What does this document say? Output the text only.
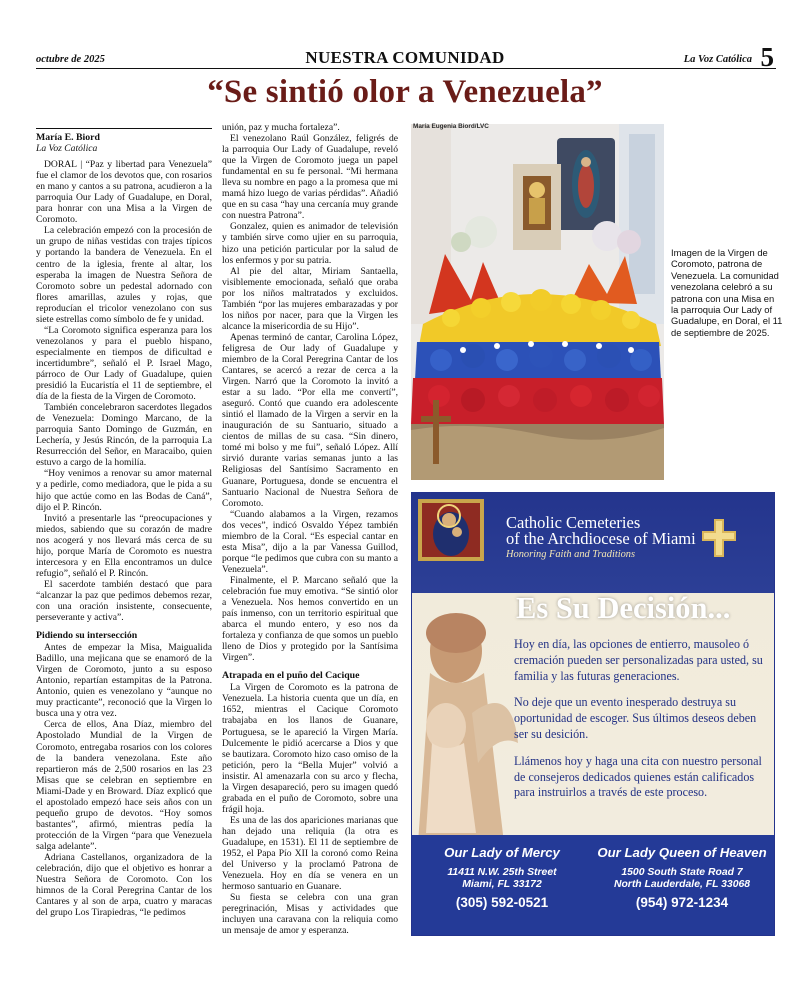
octubre de 2025	NUESTRA COMUNIDAD	La Voz Católica 5
“Se sintió olor a Venezuela”
María E. Biord
La Voz Católica

DORAL | “Paz y libertad para Venezuela” fue el clamor de los devotos que, con rosarios en mano y cantos a su patrona, acudieron a la parroquia Our Lady of Guadalupe, en Doral, para honrar con una Misa a la Virgen de Coromoto.

La celebración empezó con la procesión de un grupo de niñas vestidas con trajes típicos y portando la bandera de Venezuela. En el centro de la iglesia, frente al altar, los esperaba la imagen de Nuestra Señora de Coromoto sobre un pedestal adornado con flores amarillas, azules y rojas, que reproducían el tricolor venezolano con sus siete estrellas como símbolo de fe y unidad.

“La Coromoto significa esperanza para los venezolanos y para el pueblo hispano, especialmente en tiempos de dificultad e incertidumbre”, señaló el P. Israel Mago, párroco de Our Lady of Guadalupe, quien presidió la Eucaristía el 11 de septiembre, el día de la fiesta de la Virgen de Coromoto.

También concelebraron sacerdotes llegados de Venezuela: Domingo Marcano, de la parroquia Santo Domingo de Guzmán, en Lechería, y Jesús Rincón, de la parroquia La Resurrección del Señor, en Maracaibo, quien estuvo a cargo de la homilía.

“Hoy venimos a renovar su amor maternal y a pedirle, como mediadora, que le pida a su hijo que actúe como en las Bodas de Caná”, dijo el P. Rincón.

Invitó a presentarle las “preocupaciones y miedos, sabiendo que su corazón de madre nos acogerá y nos llevará más cerca de su hijo, porque María de Coromoto es nuestra intercesora y en Ella encontramos un dulce refugio”, señaló el P. Rincón.

El sacerdote también destacó que para “alcanzar la paz que pedimos debemos rezar, con una oración insistente, consecuente, perseverante y activa”.

Pidiendo su intersección

Antes de empezar la Misa, Maigualida Badillo, una mejicana que se enamoró de la Virgen de Coromoto, junto a su esposo Antonio, repartían estampitas de la Patrona. Antonio, quien es venezolano y “aunque no muy practicante”, reconoció que la Virgen lo busca una y otra vez.

Cerca de ellos, Ana Díaz, miembro del Apostolado Mundial de la Virgen de Coromoto, entregaba rosarios con los colores de la bandera venezolana. Este año repartieron más de 2,500 rosarios en las 23 Misas que se celebran en septiembre en Miami-Dade y en Broward. Díaz explicó que el apostolado empezó hace seis años con un pequeño grupo de devotos. “Hoy somos bastantes”, afirmó, mientras pedía la protección de la Virgen “para que Venezuela salga adelante”.

Adriana Castellanos, organizadora de la celebración, dijo que el objetivo es honrar a Nuestra Señora de Coromoto. Con los himnos de la Coral Peregrina Cantar de los Cantares y al son de arpa, cuatro y maracas del grupo Los Tirapiedras, “le pedimos

unión, paz y mucha fortaleza”.

El venezolano Raúl González, feligrés de la parroquia Our Lady of Guadalupe, reveló que la Virgen de Coromoto juega un papel fundamental en su fe personal. “Mi hermana lleva su nombre en pago a la promesa que mi mamá hizo luego de varias pérdidas”. Añadió que en su casa “hay una cercanía muy grande con nuestra Patrona”.

Gonzalez, quien es animador de televisión y también sirve como ujier en su parroquia, hizo una petición particular por la salud de los enfermos y por su patria.

Al pie del altar, Miriam Santaella, visiblemente emocionada, señaló que oraba por los niños maltratados y excluidos. También “por las mujeres embarazadas y por los niños por nacer, para que la Virgen les alcance la misericordia de su Hijo”.

Apenas terminó de cantar, Carolina López, feligresa de Our lady of Guadalupe y miembro de la Coral Peregrina Cantar de los Cantares, se acercó a rezar de cerca a la Virgen. Narró que la Coromoto la invitó a estar a su lado. “Por ella me convertí”, aseguró. Contó que cuando era adolescente sintió el llamado de la Virgen a servir en la inauguración de su Santuario, situado a cientos de millas de su casa. “Sin dinero, tomé mi bolso y me fui”, señaló López. Allí sirvió durante varias semanas junto a las Religiosas del Santísimo Sacramento en Guanare, Portuguesa, donde se encuentra el Santuario Nacional de Nuestra Señora de Coromoto.

“Cuando alabamos a la Virgen, rezamos dos veces”, indicó Osvaldo Yépez también miembro de la Coral. “Es especial cantar en esta Misa”, dijo a la par Vanessa Guillod, porque “le pedimos que cubra con su manto a Venezuela”.

Finalmente, el P. Marcano señaló que la celebración fue muy emotiva. “Se sintió olor a Venezuela. Nos hemos convertido en un país inmenso, con un territorio espiritual que abarca el mundo entero, y eso nos da fortaleza y confianza de que somos un pueblo lleno de Dios y protegido por la Santísima Virgen”.

Atrapada en el puño del Cacique

La Virgen de Coromoto es la patrona de Venezuela. La historia cuenta que un día, en 1652, mientras el Cacique Coromoto trabajaba en los llanos de Guanare, Portuguesa, se le apareció la Virgen María. Dulcemente le pidió acercarse a Dios y que se bautizara. Coromoto hizo caso omiso de la petición, pero la “Bella Mujer” volvió a insistir. Al amenazarla con su arco y flecha, la Virgen desapareció, pero su imagen quedó grabada en el puño de Coromoto, sobre una frágil hoja.

Es una de las dos apariciones marianas que han dejado una reliquia (la otra es Guadalupe, en 1531). El 11 de septiembre de 1952, el Papa Pío XII la coronó como Reina del Universo y la proclamó Patrona de Venezuela. Hoy en día se venera en un hermoso santuario en Guanare.

Su fiesta se celebra con una gran peregrinación, Misas y actividades que incluyen una caravana con la reliquia como un mensaje de amor y esperanza.

María Eugenia Biord/LVC
Imagen de la Virgen de Coromoto, patrona de Venezuela. La comunidad venezolana celebró a su patrona con una Misa en la parroquia Our Lady of Guadalupe, en Doral, el 11 de septiembre de 2025.
Catholic Cemeteries
of the Archdiocese of Miami
Honoring Faith and Traditions
Es Su Decisión...

Hoy en día, las opciones de entierro, mausoleo ó cremación pueden ser personalizadas para usted, su familia y las futuras generaciones.

No deje que un evento inesperado destruya su oportunidad de escoger. Sus últimos deseos deben ser su desición.

Llámenos hoy y haga una cita con nuestro personal de consejeros dedicados quienes están calificados para instruirlos a través de este proceso.

Our Lady of Mercy
11411 N.W. 25th Street
Miami, FL 33172
(305) 592-0521
Our Lady Queen of Heaven
1500 South State Road 7
North Lauderdale, FL 33068
(954) 972-1234
